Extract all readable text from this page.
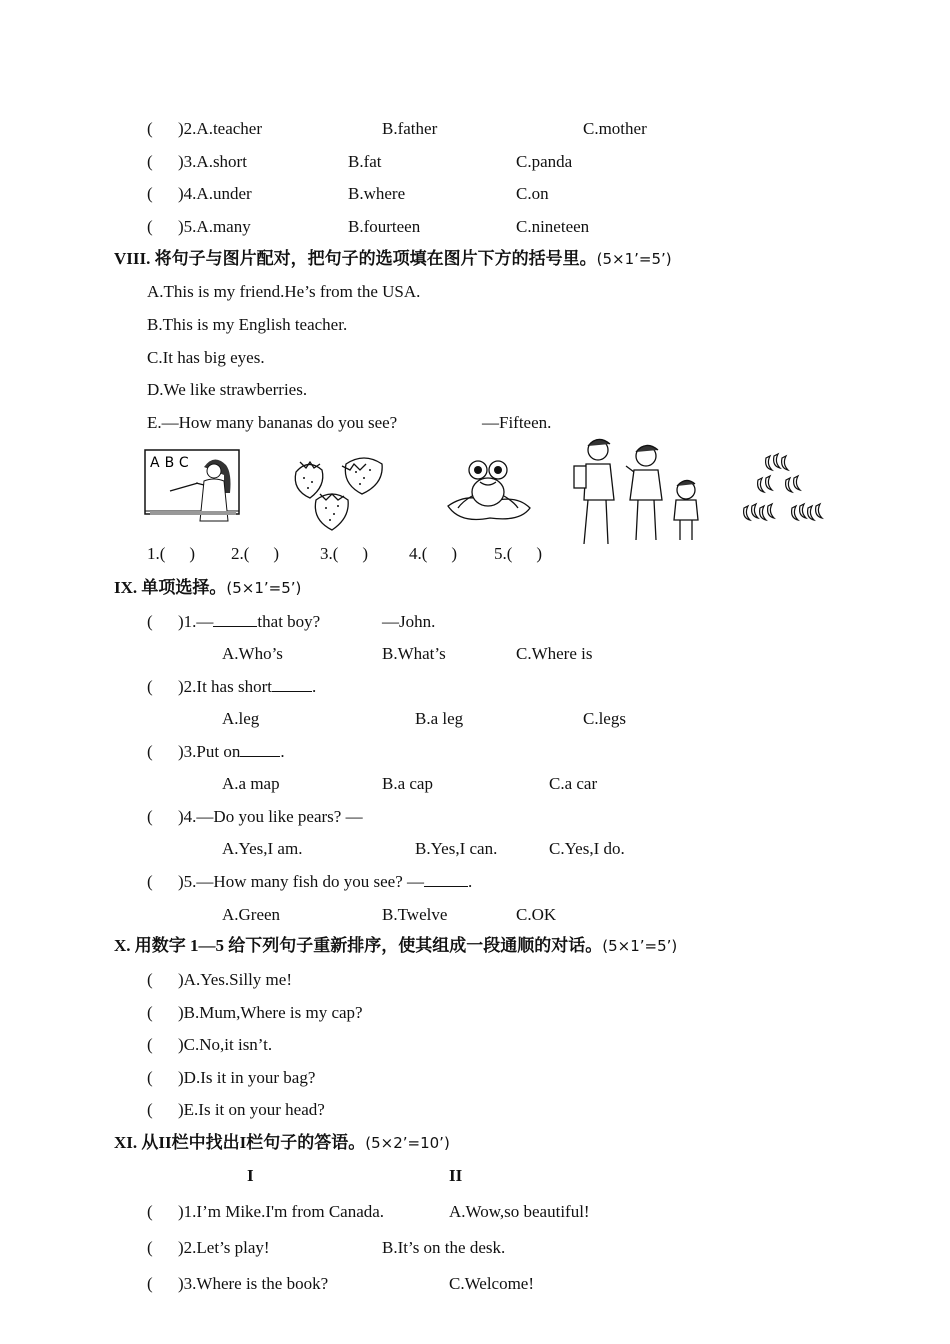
( )2.A.teacher	B.father	C.mother
( )3.A.short	B.fat	C.panda
( )4.A.under	B.where	C.on
( )5.A.many	B.fourteen	C.nineteen
VIII. 将句子与图片配对，把句子的选项填在图片下方的括号里。(5×1’=5’)
A.This is my friend.He’s from the USA.
B.This is my English teacher.
C.It has big eyes.
D.We like strawberries.
E.—How many bananas do you see?	—Fifteen.
ABC
1.( ) 2.( ) 3.( ) 4.( ) 5.( )
IX. 单项选择。(5×1’=5’)
( )1.—	that boy?	—John.
A.Who’s	B.What’s	C.Where is
( )2.It has short .
A.leg	B.a leg	C.legs
( )3.Put on .
A.a map	B.a cap	C.a car
( )4.—Do you like pears? —
A.Yes,I am.	B.Yes,I can.	C.Yes,I do.
( )5.—How many fish do you see? —	.
A.Green	B.Twelve	C.OK
X. 用数字 1—5 给下列句子重新排序，使其组成一段通顺的对话。(5×1’=5’)
( )A.Yes.Silly me!
( )B.Mum,Where is my cap?
( )C.No,it isn’t.
( )D.Is it in your bag?
( )E.Is it on your head?
XI. 从II栏中找出I栏句子的答语。(5×2’=10’)
I	II
( )1.I’m Mike.I'm from Canada.	A.Wow,so beautiful!
( )2.Let’s play!	B.It’s on the desk.
( )3.Where is the book?	C.Welcome!
